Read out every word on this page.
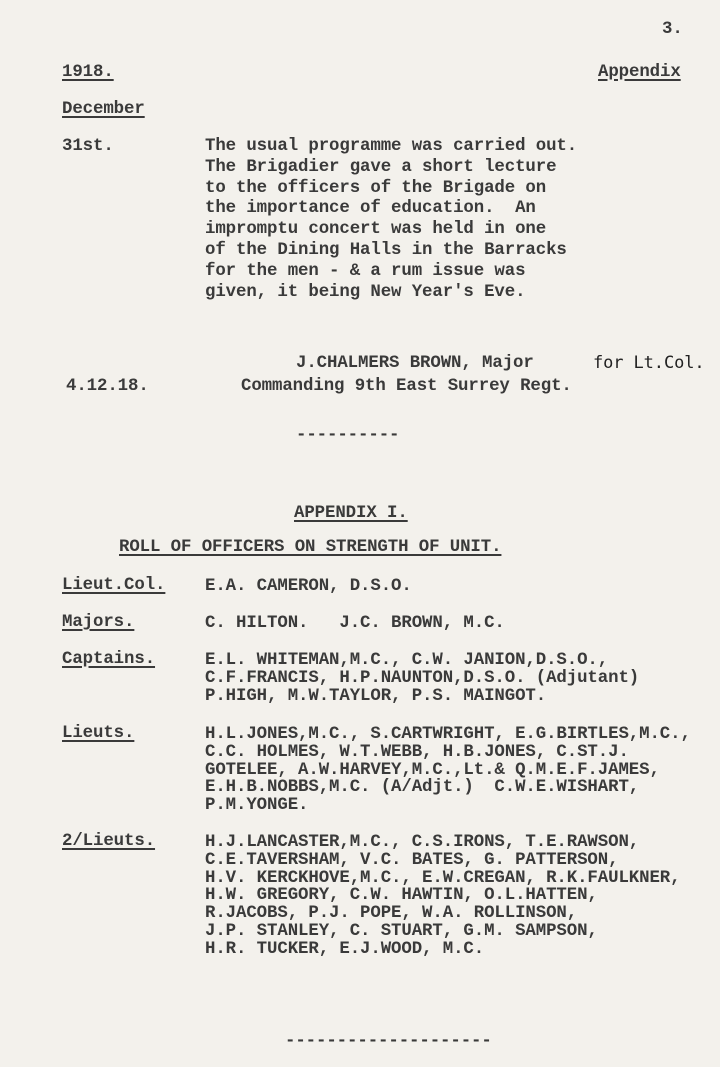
3.
1918.	Appendix
December
31st.	The usual programme was carried out.
The Brigadier gave a short lecture
to the officers of the Brigade on
the importance of education.  An
impromptu concert was held in one
of the Dining Halls in the Barracks
for the men - & a rum issue was
given, it being New Year's Eve.
J.CHALMERS BROWN, Major	for Lt.Col.
4.12.18.	Commanding 9th East Surrey Regt.
----------
APPENDIX I.
ROLL OF OFFICERS ON STRENGTH OF UNIT.
Lieut.Col. E.A. CAMERON, D.S.O.
Majors.	C. HILTON.   J.C. BROWN, M.C.
Captains.	E.L. WHITEMAN,M.C., C.W. JANION,D.S.O.,
C.F.FRANCIS, H.P.NAUNTON,D.S.O. (Adjutant)
P.HIGH, M.W.TAYLOR, P.S. MAINGOT.
Lieuts.	H.L.JONES,M.C., S.CARTWRIGHT, E.G.BIRTLES,M.C.,
C.C. HOLMES, W.T.WEBB, H.B.JONES, C.ST.J.
GOTELEE, A.W.HARVEY,M.C.,Lt.& Q.M.E.F.JAMES,
E.H.B.NOBBS,M.C. (A/Adjt.)  C.W.E.WISHART,
P.M.YONGE.
2/Lieuts.	H.J.LANCASTER,M.C., C.S.IRONS, T.E.RAWSON,
C.E.TAVERSHAM, V.C. BATES, G. PATTERSON,
H.V. KERCKHOVE,M.C., E.W.CREGAN, R.K.FAULKNER,
H.W. GREGORY, C.W. HAWTIN, O.L.HATTEN,
R.JACOBS, P.J. POPE, W.A. ROLLINSON,
J.P. STANLEY, C. STUART, G.M. SAMPSON,
H.R. TUCKER, E.J.WOOD, M.C.
--------------------
